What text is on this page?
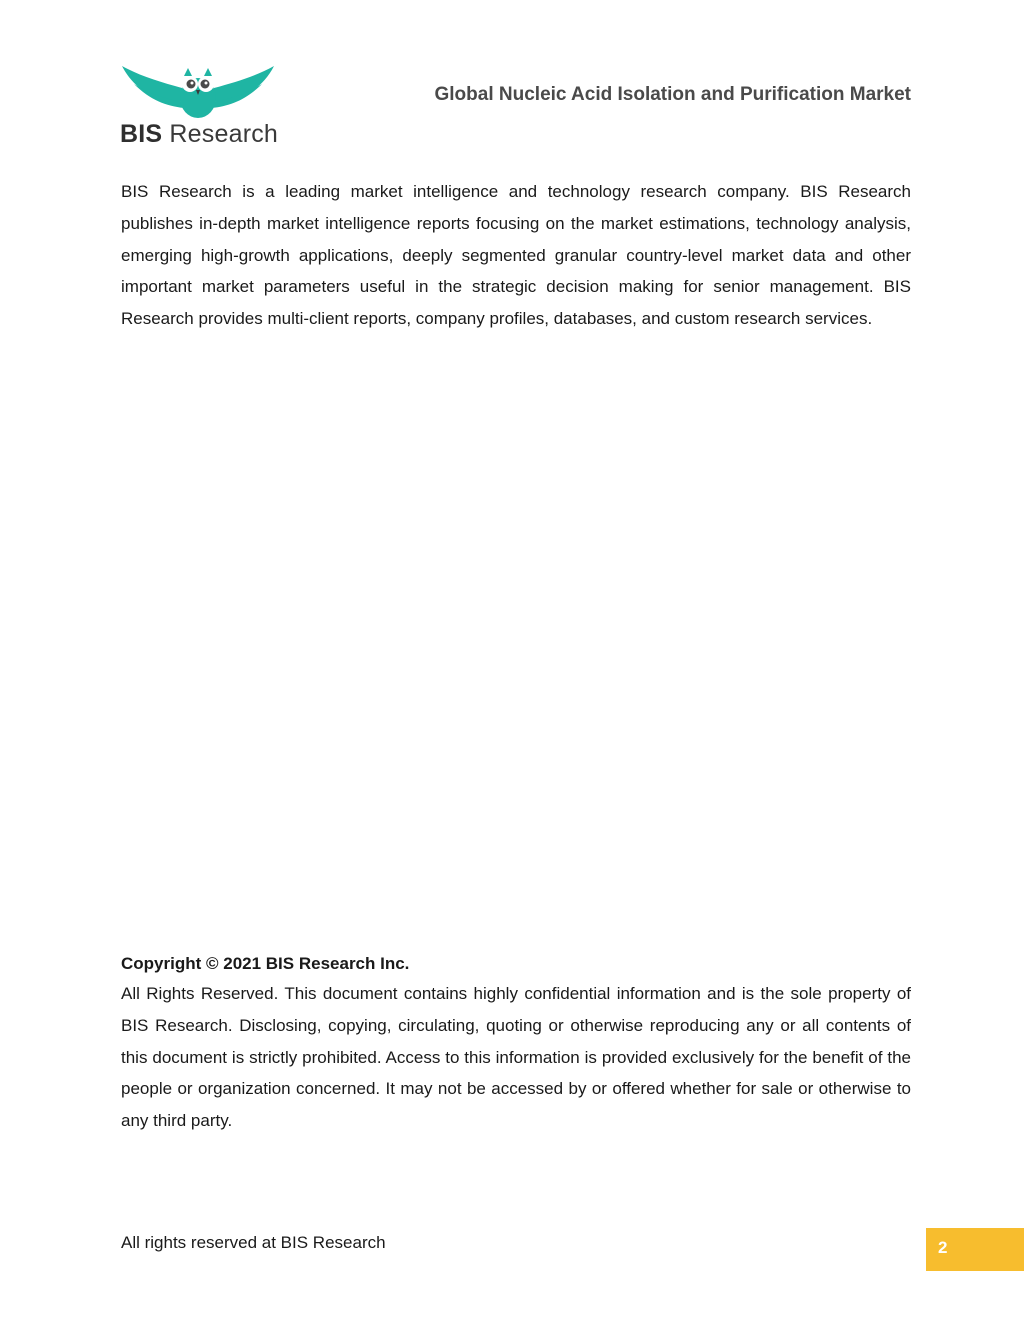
BIS Research
Global Nucleic Acid Isolation and Purification Market

BIS Research is a leading market intelligence and technology research company. BIS Research publishes in-depth market intelligence reports focusing on the market estimations, technology analysis, emerging high-growth applications, deeply segmented granular country-level market data and other important market parameters useful in the strategic decision making for senior management. BIS Research provides multi-client reports, company profiles, databases, and custom research services.

Copyright © 2021 BIS Research Inc.

All Rights Reserved. This document contains highly confidential information and is the sole property of BIS Research. Disclosing, copying, circulating, quoting or otherwise reproducing any or all contents of this document is strictly prohibited. Access to this information is provided exclusively for the benefit of the people or organization concerned. It may not be accessed by or offered whether for sale or otherwise to any third party.

All rights reserved at BIS Research	2
